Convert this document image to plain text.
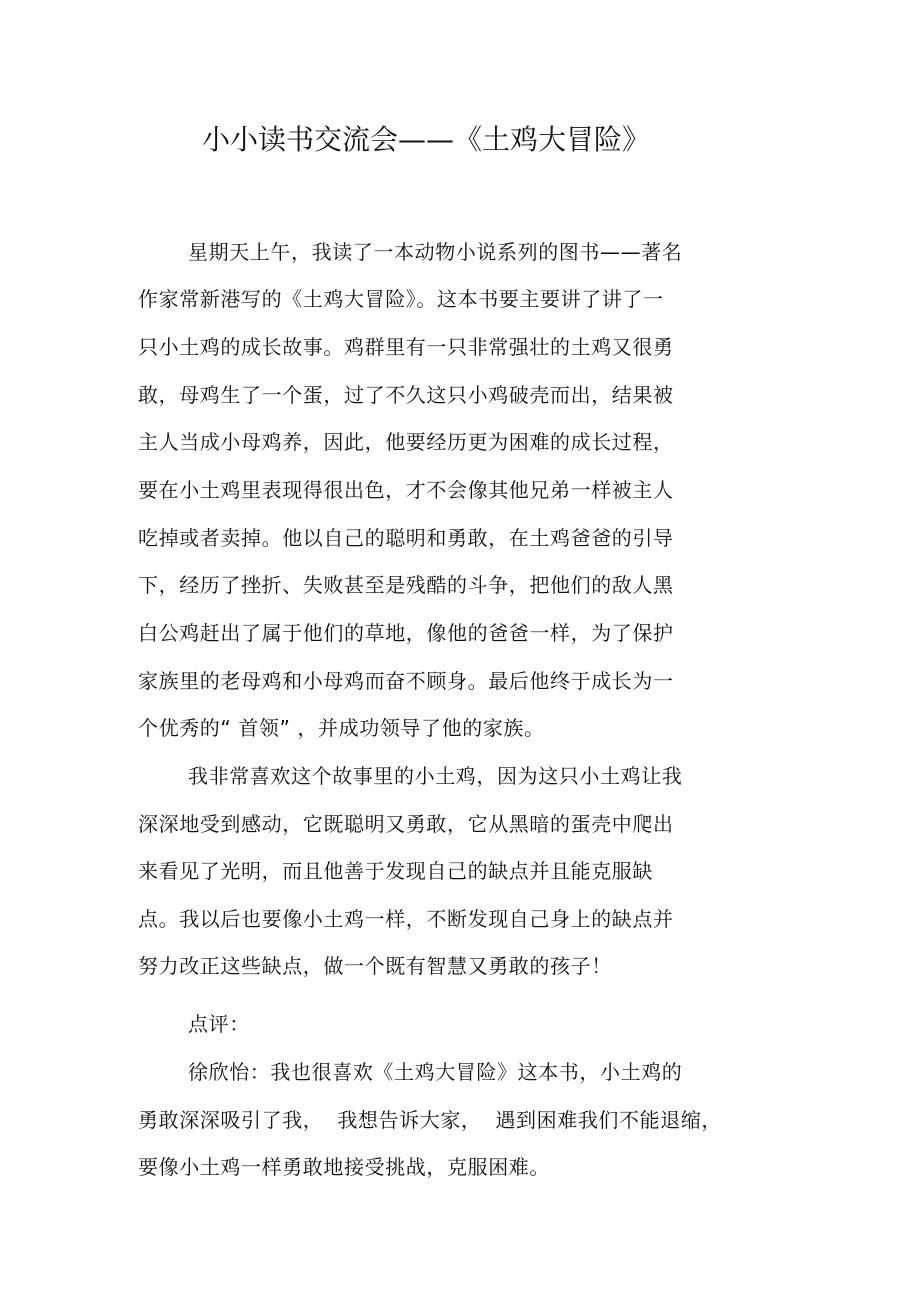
小小读书交流会——《土鸡大冒险》
星期天上午，我读了一本动物小说系列的图书——著名
作家常新港写的《土鸡大冒险》。这本书要主要讲了讲了一
只小土鸡的成长故事。鸡群里有一只非常强壮的土鸡又很勇
敢，母鸡生了一个蛋，过了不久这只小鸡破壳而出，结果被
主人当成小母鸡养，因此，他要经历更为困难的成长过程，
要在小土鸡里表现得很出色，才不会像其他兄弟一样被主人
吃掉或者卖掉。他以自己的聪明和勇敢，在土鸡爸爸的引导
下，经历了挫折、失败甚至是残酷的斗争，把他们的敌人黑
白公鸡赶出了属于他们的草地，像他的爸爸一样，为了保护
家族里的老母鸡和小母鸡而奋不顾身。最后他终于成长为一
个优秀的“ 首领” ，并成功领导了他的家族。
我非常喜欢这个故事里的小土鸡，因为这只小土鸡让我
深深地受到感动，它既聪明又勇敢，它从黑暗的蛋壳中爬出
来看见了光明，而且他善于发现自己的缺点并且能克服缺
点。我以后也要像小土鸡一样，不断发现自己身上的缺点并
努力改正这些缺点，做一个既有智慧又勇敢的孩子！
点评：
徐欣怡：我也很喜欢《土鸡大冒险》这本书，小土鸡的
勇敢深深吸引了我，  我想告诉大家，  遇到困难我们不能退缩，
要像小土鸡一样勇敢地接受挑战，克服困难。
